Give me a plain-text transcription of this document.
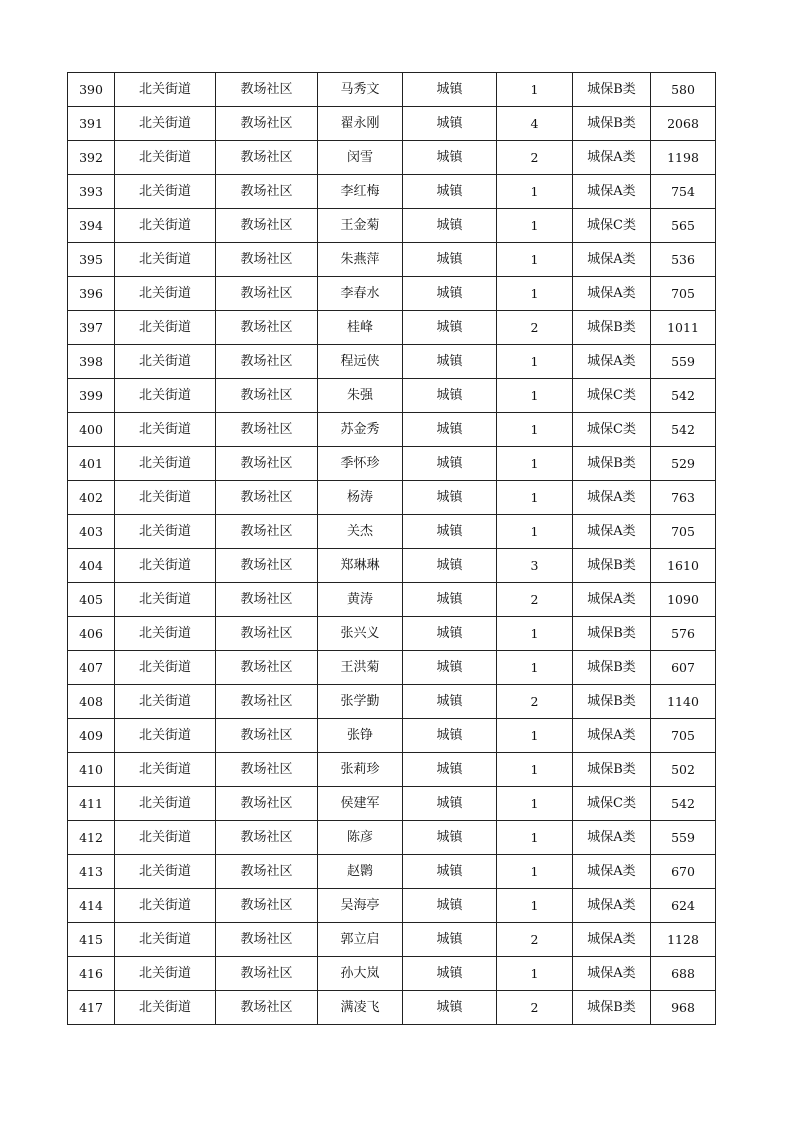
390	北关街道	教场社区	马秀文	城镇	1	城保B类	580
391	北关街道	教场社区	翟永刚	城镇	4	城保B类	2068
392	北关街道	教场社区	闵雪	城镇	2	城保A类	1198
393	北关街道	教场社区	李红梅	城镇	1	城保A类	754
394	北关街道	教场社区	王金菊	城镇	1	城保C类	565
395	北关街道	教场社区	朱燕萍	城镇	1	城保A类	536
396	北关街道	教场社区	李春水	城镇	1	城保A类	705
397	北关街道	教场社区	桂峰	城镇	2	城保B类	1011
398	北关街道	教场社区	程远侠	城镇	1	城保A类	559
399	北关街道	教场社区	朱强	城镇	1	城保C类	542
400	北关街道	教场社区	苏金秀	城镇	1	城保C类	542
401	北关街道	教场社区	季怀珍	城镇	1	城保B类	529
402	北关街道	教场社区	杨涛	城镇	1	城保A类	763
403	北关街道	教场社区	关杰	城镇	1	城保A类	705
404	北关街道	教场社区	郑琳琳	城镇	3	城保B类	1610
405	北关街道	教场社区	黄涛	城镇	2	城保A类	1090
406	北关街道	教场社区	张兴义	城镇	1	城保B类	576
407	北关街道	教场社区	王洪菊	城镇	1	城保B类	607
408	北关街道	教场社区	张学勤	城镇	2	城保B类	1140
409	北关街道	教场社区	张铮	城镇	1	城保A类	705
410	北关街道	教场社区	张莉珍	城镇	1	城保B类	502
411	北关街道	教场社区	侯建军	城镇	1	城保C类	542
412	北关街道	教场社区	陈彦	城镇	1	城保A类	559
413	北关街道	教场社区	赵鹮	城镇	1	城保A类	670
414	北关街道	教场社区	吴海亭	城镇	1	城保A类	624
415	北关街道	教场社区	郭立启	城镇	2	城保A类	1128
416	北关街道	教场社区	孙大岚	城镇	1	城保A类	688
417	北关街道	教场社区	满凌飞	城镇	2	城保B类	968
